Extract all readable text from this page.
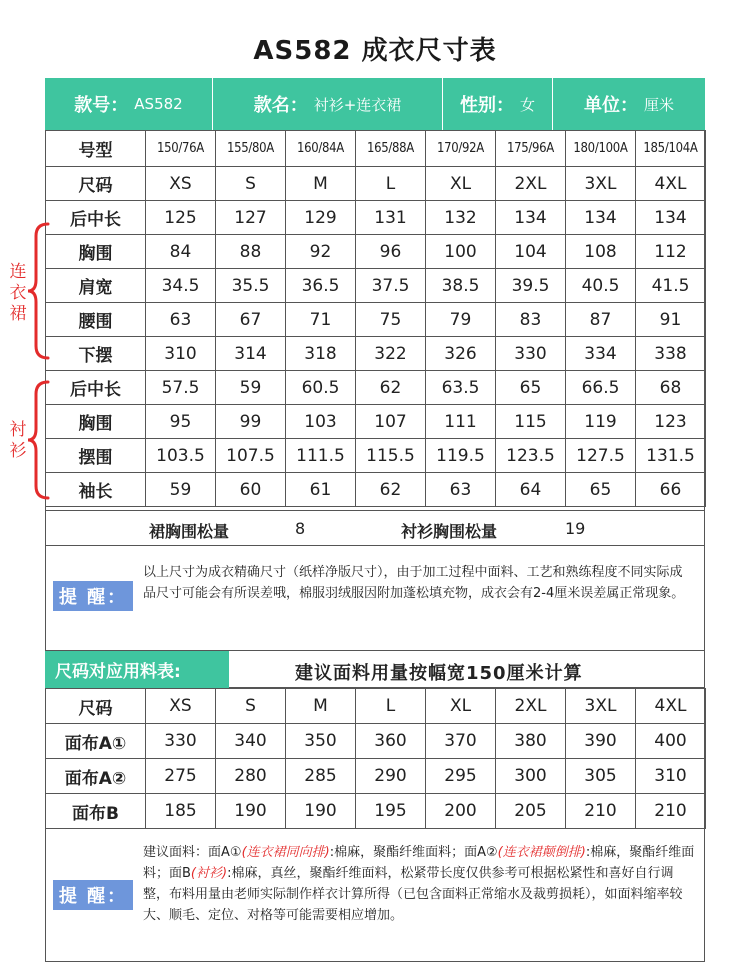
AS582 成衣尺寸表
款号： AS582	款名： 衬衫+连衣裙	性别： 女	单位： 厘米
号型	150/76A	155/80A	160/84A	165/88A	170/92A	175/96A	180/100A	185/104A
尺码	XS	S	M	L	XL	2XL	3XL	4XL
后中长	125	127	129	131	132	134	134	134
胸围	84	88	92	96	100	104	108	112
肩宽	34.5	35.5	36.5	37.5	38.5	39.5	40.5	41.5
腰围	63	67	71	75	79	83	87	91
下摆	310	314	318	322	326	330	334	338
后中长	57.5	59	60.5	62	63.5	65	66.5	68
胸围	95	99	103	107	111	115	119	123
摆围	103.5	107.5	111.5	115.5	119.5	123.5	127.5	131.5
袖长	59	60	61	62	63	64	65	66
连衣裙
衬衫
裙胸围松量	8	衬衫胸围松量	19
提 醒：
以上尺寸为成衣精确尺寸（纸样净版尺寸），由于加工过程中面料、工艺和熟练程度不同实际成品尺寸可能会有所误差哦，棉服羽绒服因附加蓬松填充物，成衣会有2-4厘米误差属正常现象。
尺码对应用料表:	建议面料用量按幅宽150厘米计算
尺码	XS	S	M	L	XL	2XL	3XL	4XL
面布A①	330	340	350	360	370	380	390	400
面布A②	275	280	285	290	295	300	305	310
面布B	185	190	190	195	200	205	210	210
提 醒：
建议面料：面A①(连衣裙同向排):棉麻，聚酯纤维面料；面A②(连衣裙颠倒排):棉麻，聚酯纤维面料；面B(衬衫):棉麻，真丝，聚酯纤维面料，松紧带长度仅供参考可根据松紧性和喜好自行调整，布料用量由老师实际制作样衣计算所得（已包含面料正常缩水及裁剪损耗），如面料缩率较大、顺毛、定位、对格等可能需要相应增加。
